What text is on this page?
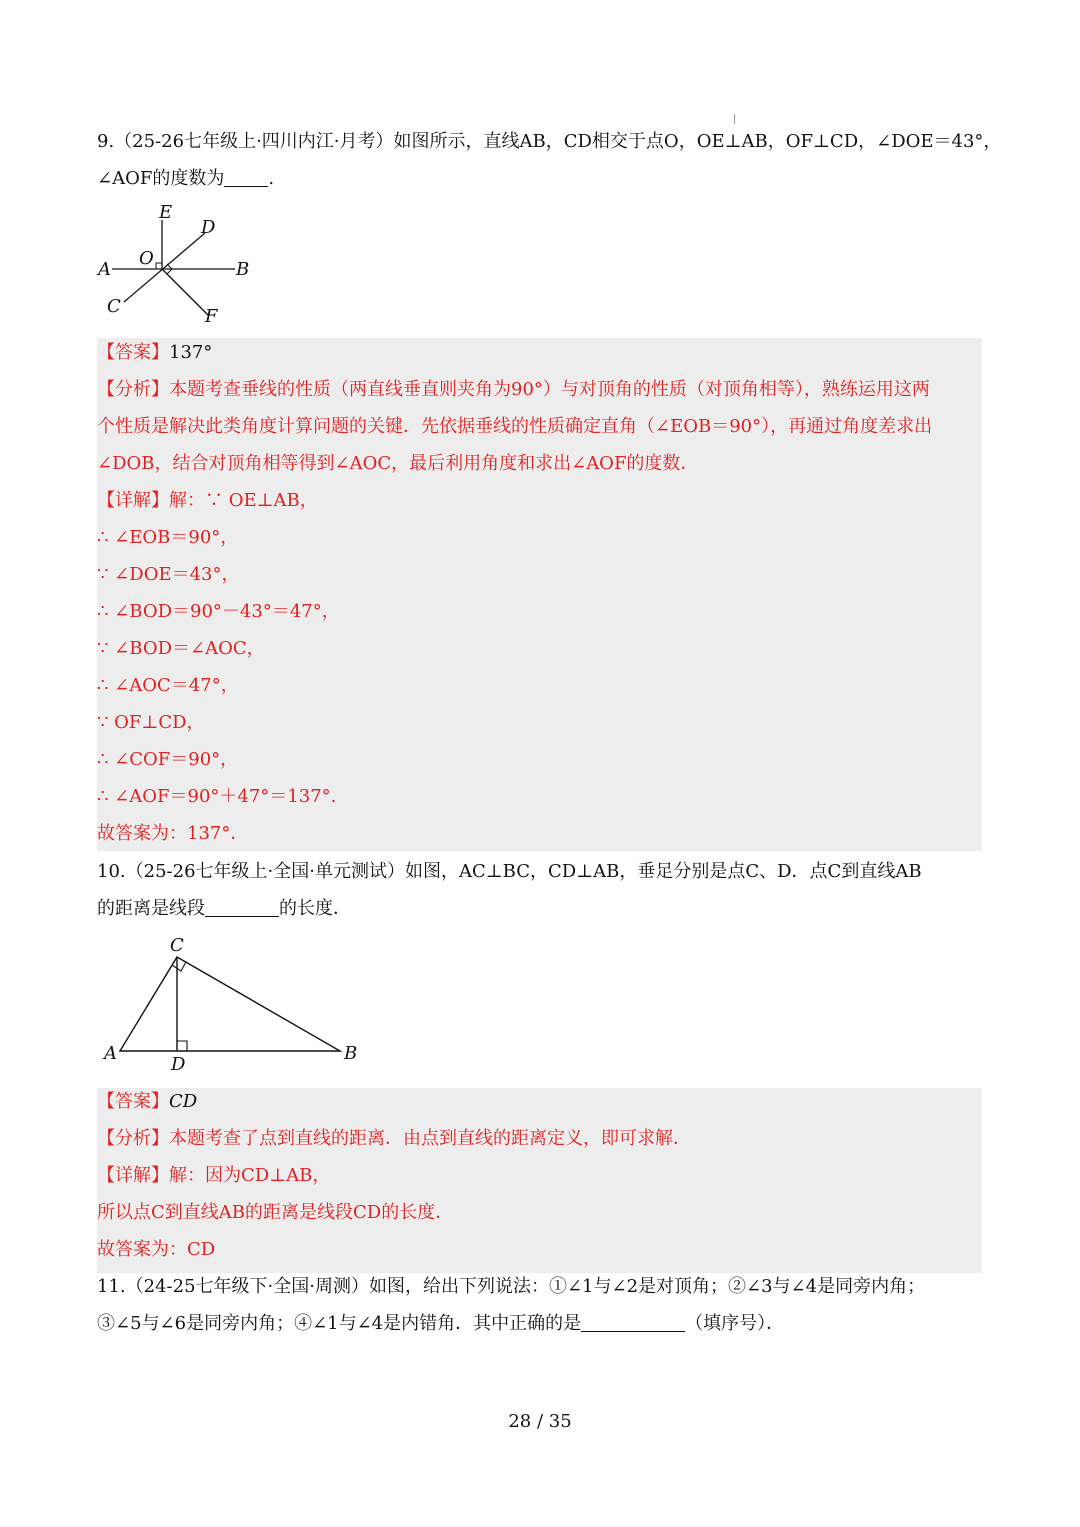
9.（25-26七年级上·四川内江·月考）如图所示，直线AB，CD相交于点O，OE⊥AB，OF⊥CD，∠DOE＝43°，
∠AOF的度数为 .
E
D
O
A	B
C	F
【答案】137°
【分析】本题考查垂线的性质（两直线垂直则夹角为90°）与对顶角的性质（对顶角相等），熟练运用这两
个性质是解决此类角度计算问题的关键．先依据垂线的性质确定直角（∠EOB＝90°），再通过角度差求出
∠DOB，结合对顶角相等得到∠AOC，最后利用角度和求出∠AOF的度数．
【详解】解：∵ OE⊥AB，
∴ ∠EOB＝90°，
∵ ∠DOE＝43°，
∴ ∠BOD＝90°－43°＝47°，
∵ ∠BOD＝∠AOC，
∴ ∠AOC＝47°，
∵ OF⊥CD，
∴ ∠COF＝90°，
∴ ∠AOF＝90°＋47°＝137°.
故答案为：137°．
10.（25-26七年级上·全国·单元测试）如图，AC⊥BC，CD⊥AB，垂足分别是点C、D．点C到直线AB
的距离是线段	的长度．
C
A
D
B
【答案】CD
【分析】本题考查了点到直线的距离．由点到直线的距离定义，即可求解．
【详解】解：因为CD⊥AB，
所以点C到直线AB的距离是线段CD的长度．
故答案为：CD
11.（24-25七年级下·全国·周测）如图，给出下列说法：①∠1与∠2是对顶角；②∠3与∠4是同旁内角；
③∠5与∠6是同旁内角；④∠1与∠4是内错角．其中正确的是	（填序号）．
28 / 35
